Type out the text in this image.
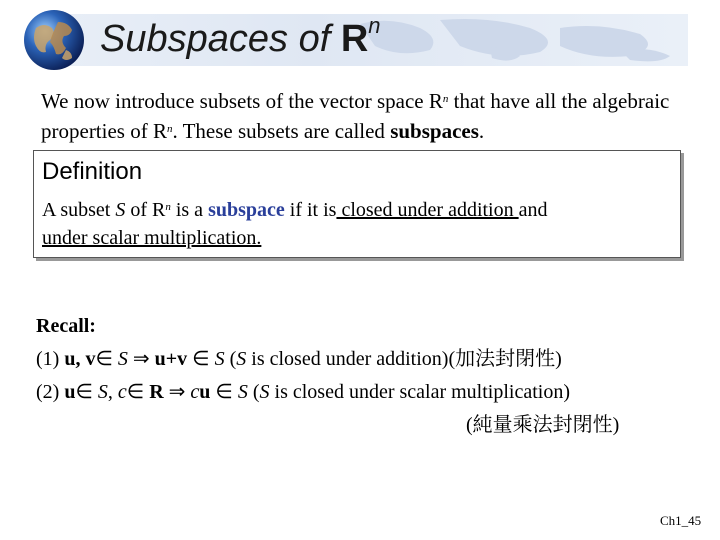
Subspaces of $R^n$

We now introduce subsets of the vector space $R^n$ that have all the algebraic properties of $R^n$. These subsets are called subspaces.

Definition

A subset S of $R^n$ is a subspace if it is closed under addition and
under scalar multiplication.

Recall:
(1) u, v∈ S ⇒ u+v ∈ S (S is closed under addition)(加法封閉性)
(2) u∈ S, c∈ R ⇒ cu ∈ S (S is closed under scalar multiplication)
(純量乘法封閉性)
Ch1_45
